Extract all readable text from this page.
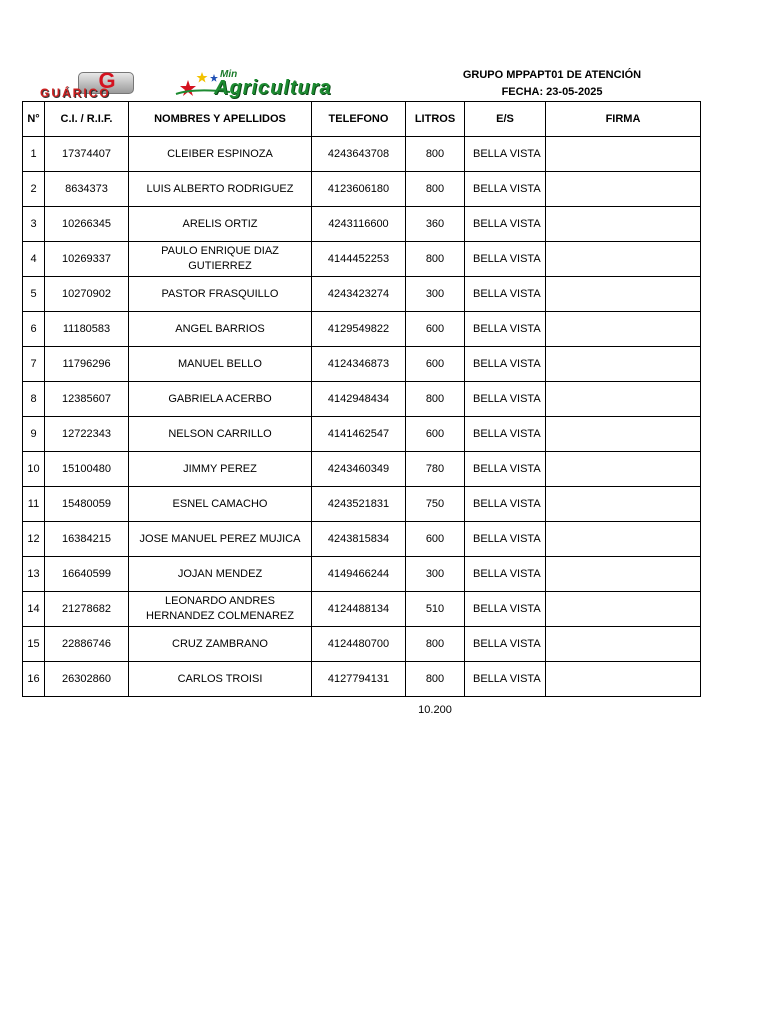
G
GUÁRICO
Min
Agricultura
GRUPO MPPAPT01 DE ATENCIÓN
FECHA: 23-05-2025
N°	C.I. / R.I.F.	NOMBRES Y APELLIDOS	TELEFONO	LITROS	E/S	FIRMA
1	17374407	CLEIBER ESPINOZA	4243643708	800	BELLA VISTA	
2	8634373	LUIS ALBERTO RODRIGUEZ	4123606180	800	BELLA VISTA	
3	10266345	ARELIS ORTIZ	4243116600	360	BELLA VISTA	
4	10269337	PAULO ENRIQUE DIAZ GUTIERREZ	4144452253	800	BELLA VISTA	
5	10270902	PASTOR FRASQUILLO	4243423274	300	BELLA VISTA	
6	11180583	ANGEL BARRIOS	4129549822	600	BELLA VISTA	
7	11796296	MANUEL BELLO	4124346873	600	BELLA VISTA	
8	12385607	GABRIELA ACERBO	4142948434	800	BELLA VISTA	
9	12722343	NELSON CARRILLO	4141462547	600	BELLA VISTA	
10	15100480	JIMMY PEREZ	4243460349	780	BELLA VISTA	
11	15480059	ESNEL CAMACHO	4243521831	750	BELLA VISTA	
12	16384215	JOSE MANUEL PEREZ MUJICA	4243815834	600	BELLA VISTA	
13	16640599	JOJAN MENDEZ	4149466244	300	BELLA VISTA	
14	21278682	LEONARDO ANDRES HERNANDEZ COLMENAREZ	4124488134	510	BELLA VISTA	
15	22886746	CRUZ ZAMBRANO	4124480700	800	BELLA VISTA	
16	26302860	CARLOS TROISI	4127794131	800	BELLA VISTA	
10.200
